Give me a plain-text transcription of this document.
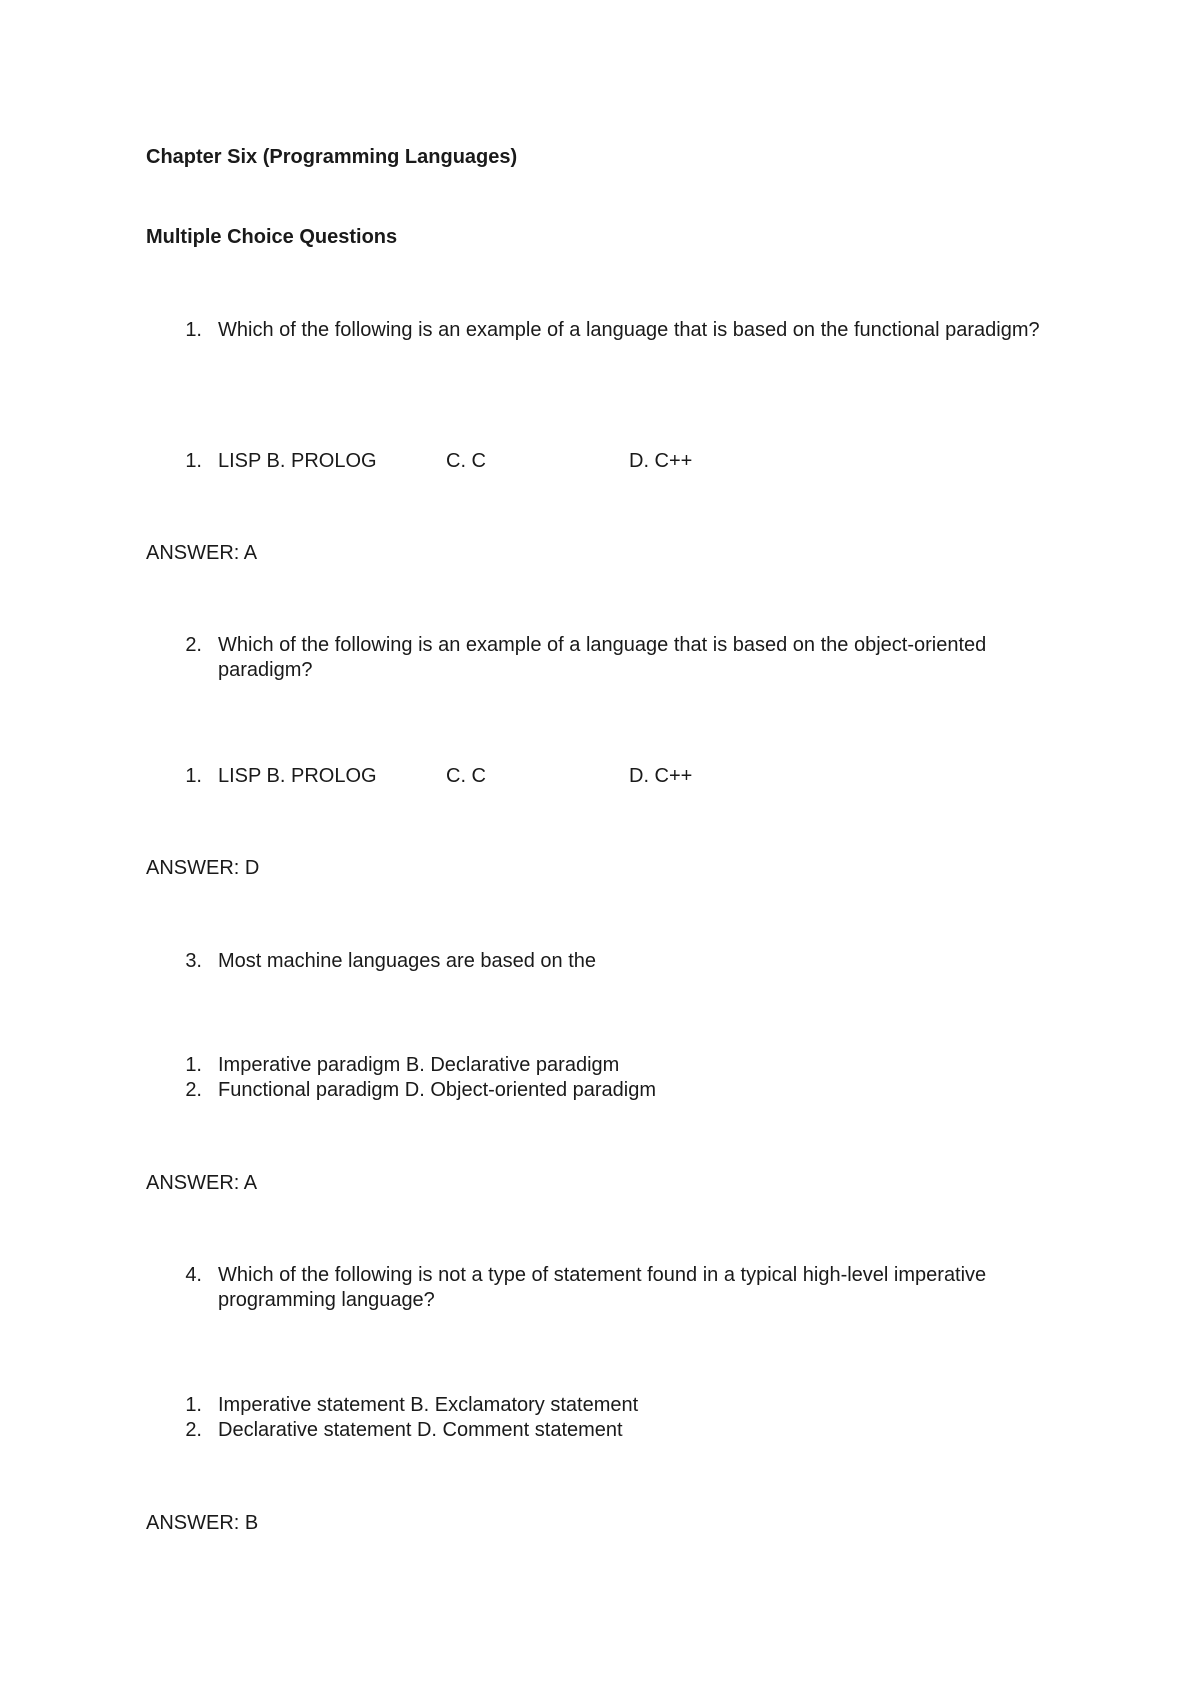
Chapter Six (Programming Languages)
Multiple Choice Questions
1. Which of the following is an example of a language that is based on the functional paradigm?
1. LISP B. PROLOG	C. C	D. C++
ANSWER: A
2. Which of the following is an example of a language that is based on the object-oriented paradigm?
1. LISP B. PROLOG	C. C	D. C++
ANSWER: D
3. Most machine languages are based on the
1. Imperative paradigm B. Declarative paradigm
2. Functional paradigm D. Object-oriented paradigm
ANSWER: A
4. Which of the following is not a type of statement found in a typical high-level imperative programming language?
1. Imperative statement B. Exclamatory statement
2. Declarative statement D. Comment statement
ANSWER: B
